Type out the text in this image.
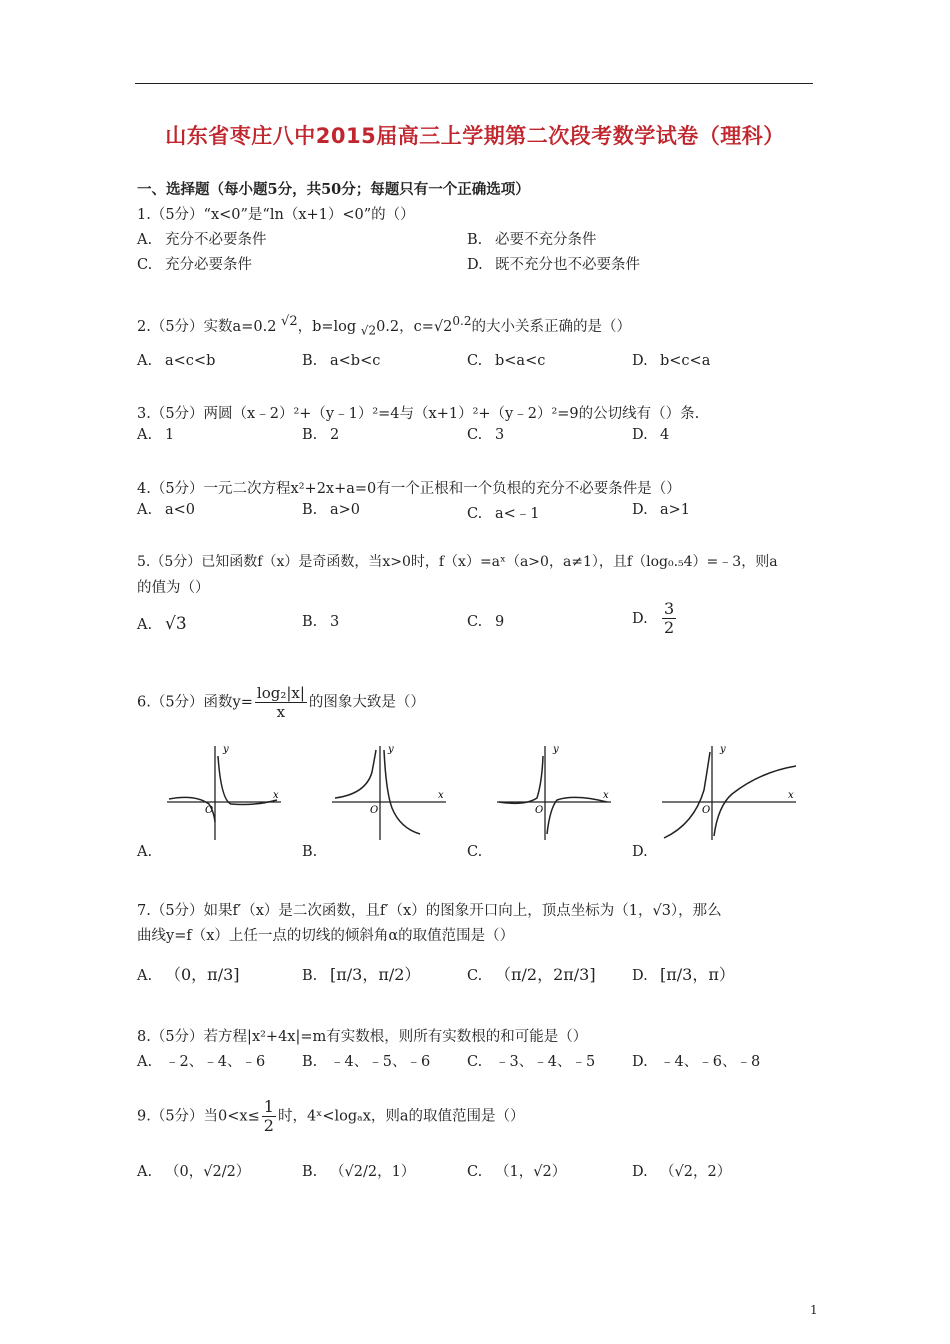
山东省枣庄八中2015届高三上学期第二次段考数学试卷（理科）
一、选择题（每小题5分，共50分；每题只有一个正确选项）
1.（5分）“x<0”是“ln（x+1）<0”的（）
A. 充分不必要条件	B. 必要不充分条件
C. 充分必要条件	D. 既不充分也不必要条件
2.（5分）实数a=0.2 √2，b=log $_{√2}$0.2，$c=√2^{0.2}$的大小关系正确的是（）
A. a<c<b	B. a<b<c	C. b<a<c	D. b<c<a
3.（5分）两圆（x﹣2）²+（y﹣1）²=4与（x+1）²+（y﹣2）²=9的公切线有（）条.
A. 1	B. 2	C. 3	D. 4
4.（5分）一元二次方程x²+2x+a=0有一个正根和一个负根的充分不必要条件是（）
A. a<0	B. a>0	C. a<﹣1	D. a>1
5.（5分）已知函数f（x）是奇函数，当x>0时，f（x）=aˣ（a>0，a≠1），且f（log₀.₅4）=﹣3，则a
的值为（）
A. √3	B. 3	C. 9	D. $\frac{3}{2}$
6.（5分）函数$y= \frac{\text{log₂|x|}}{x}$ 的图象大致是（）
y
x
O
y
x
O
y
x
O
y
x
O
A.	B.	C.	D.
7.（5分）如果f′（x）是二次函数，且f′（x）的图象开口向上，顶点坐标为（1，√3），那么
曲线y=f（x）上任一点的切线的倾斜角α的取值范围是（）
A. （0，π/3]	B. [π/3，π/2）	C. （π/2，2π/3]	D. [π/3，π）
8.（5分）若方程|x²+4x|=m有实数根，则所有实数根的和可能是（）
A. ﹣2、﹣4、﹣6	B. ﹣4、﹣5、﹣6	C. ﹣3、﹣4、﹣5	D. ﹣4、﹣6、﹣8
9.（5分）当$0<x\le \frac{1}{2}$ 时，4ˣ<logₐx，则a的取值范围是（）
A. （0，√2/2）	B. （√2/2，1）	C. （1，√2）	D. （√2，2）
1
